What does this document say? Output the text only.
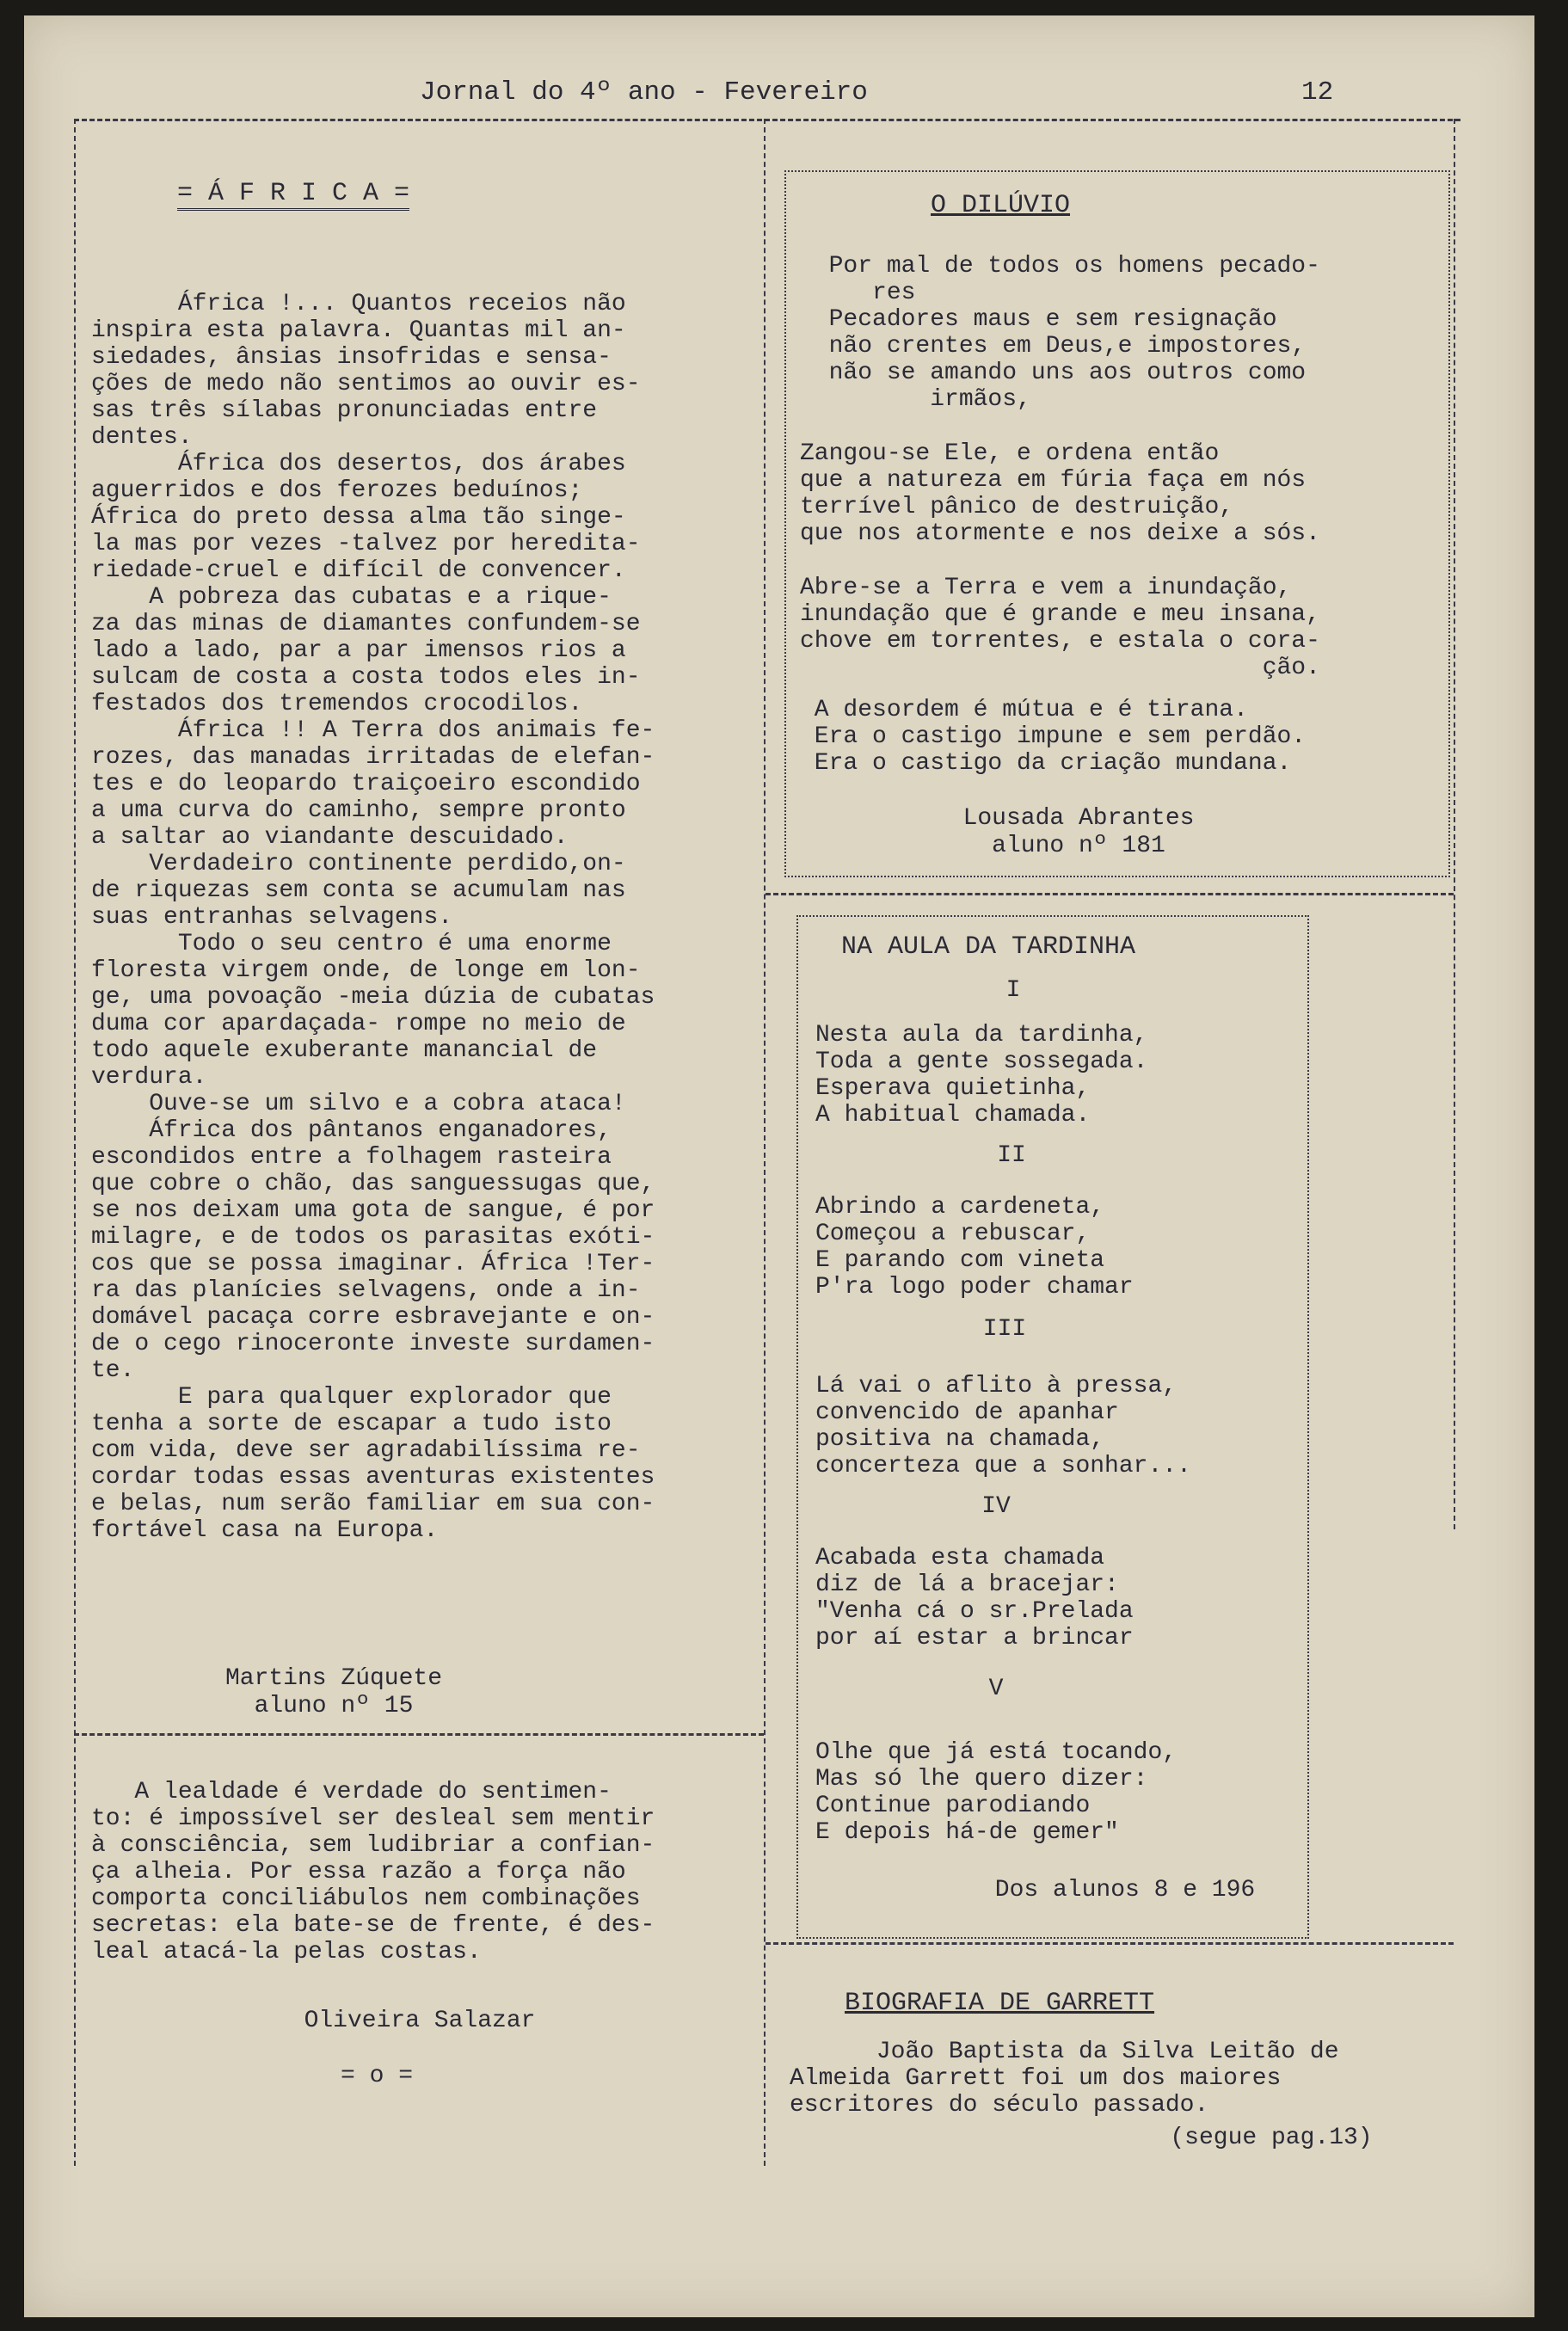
Jornal do 4º ano - Fevereiro	12
= Á F R I C A =
África !... Quantos receios não
inspira esta palavra. Quantas mil an-
siedades, ânsias insofridas e sensa-
ções de medo não sentimos ao ouvir es-
sas três sílabas pronunciadas entre
dentes.
África dos desertos, dos árabes
aguerridos e dos ferozes beduínos;
África do preto dessa alma tão singe-
la mas por vezes -talvez por heredita-
riedade-cruel e difícil de convencer.
A pobreza das cubatas e a rique-
za das minas de diamantes confundem-se
lado a lado, par a par imensos rios a
sulcam de costa a costa todos eles in-
festados dos tremendos crocodilos.
África !! A Terra dos animais fe-
rozes, das manadas irritadas de elefan-
tes e do leopardo traiçoeiro escondido
a uma curva do caminho, sempre pronto
a saltar ao viandante descuidado.
Verdadeiro continente perdido,on-
de riquezas sem conta se acumulam nas
suas entranhas selvagens.
Todo o seu centro é uma enorme
floresta virgem onde, de longe em lon-
ge, uma povoação -meia dúzia de cubatas
duma cor apardaçada- rompe no meio de
todo aquele exuberante manancial de
verdura.
Ouve-se um silvo e a cobra ataca!
África dos pântanos enganadores,
escondidos entre a folhagem rasteira
que cobre o chão, das sanguessugas que,
se nos deixam uma gota de sangue, é por
milagre, e de todos os parasitas exóti-
cos que se possa imaginar. África !Ter-
ra das planícies selvagens, onde a in-
domável pacaça corre esbravejante e on-
de o cego rinoceronte investe surdamen-
te.
E para qualquer explorador que
tenha a sorte de escapar a tudo isto
com vida, deve ser agradabilíssima re-
cordar todas essas aventuras existentes
e belas, num serão familiar em sua con-
fortável casa na Europa.
Martins Zúquete
aluno nº 15
A lealdade é verdade do sentimen-
to: é impossível ser desleal sem mentir
à consciência, sem ludibriar a confian-
ça alheia. Por essa razão a força não
comporta conciliábulos nem combinações
secretas: ela bate-se de frente, é des-
leal atacá-la pelas costas.
Oliveira Salazar
= o =
O DILÚVIO
Por mal de todos os homens pecado-
res
Pecadores maus e sem resignação
não crentes em Deus,e impostores,
não se amando uns aos outros como
irmãos,
Zangou-se Ele, e ordena então
que a natureza em fúria faça em nós
terrível pânico de destruição,
que nos atormente e nos deixe a sós.
Abre-se a Terra e vem a inundação,
inundação que é grande e meu insana,
chove em torrentes, e estala o cora-
ção.
A desordem é mútua e é tirana.
Era o castigo impune e sem perdão.
Era o castigo da criação mundana.
Lousada Abrantes
aluno nº 181
NA AULA DA TARDINHA
I
Nesta aula da tardinha,
Toda a gente sossegada.
Esperava quietinha,
A habitual chamada.
II
Abrindo a cardeneta,
Começou a rebuscar,
E parando com vineta
P'ra logo poder chamar
III
Lá vai o aflito à pressa,
convencido de apanhar
positiva na chamada,
concerteza que a sonhar...
IV
Acabada esta chamada
diz de lá a bracejar:
"Venha cá o sr.Prelada
por aí estar a brincar
V
Olhe que já está tocando,
Mas só lhe quero dizer:
Continue parodiando
E depois há-de gemer"
Dos alunos 8 e 196
BIOGRAFIA DE GARRETT
João Baptista da Silva Leitão de
Almeida Garrett foi um dos maiores
escritores do século passado.
(segue pag.13)
